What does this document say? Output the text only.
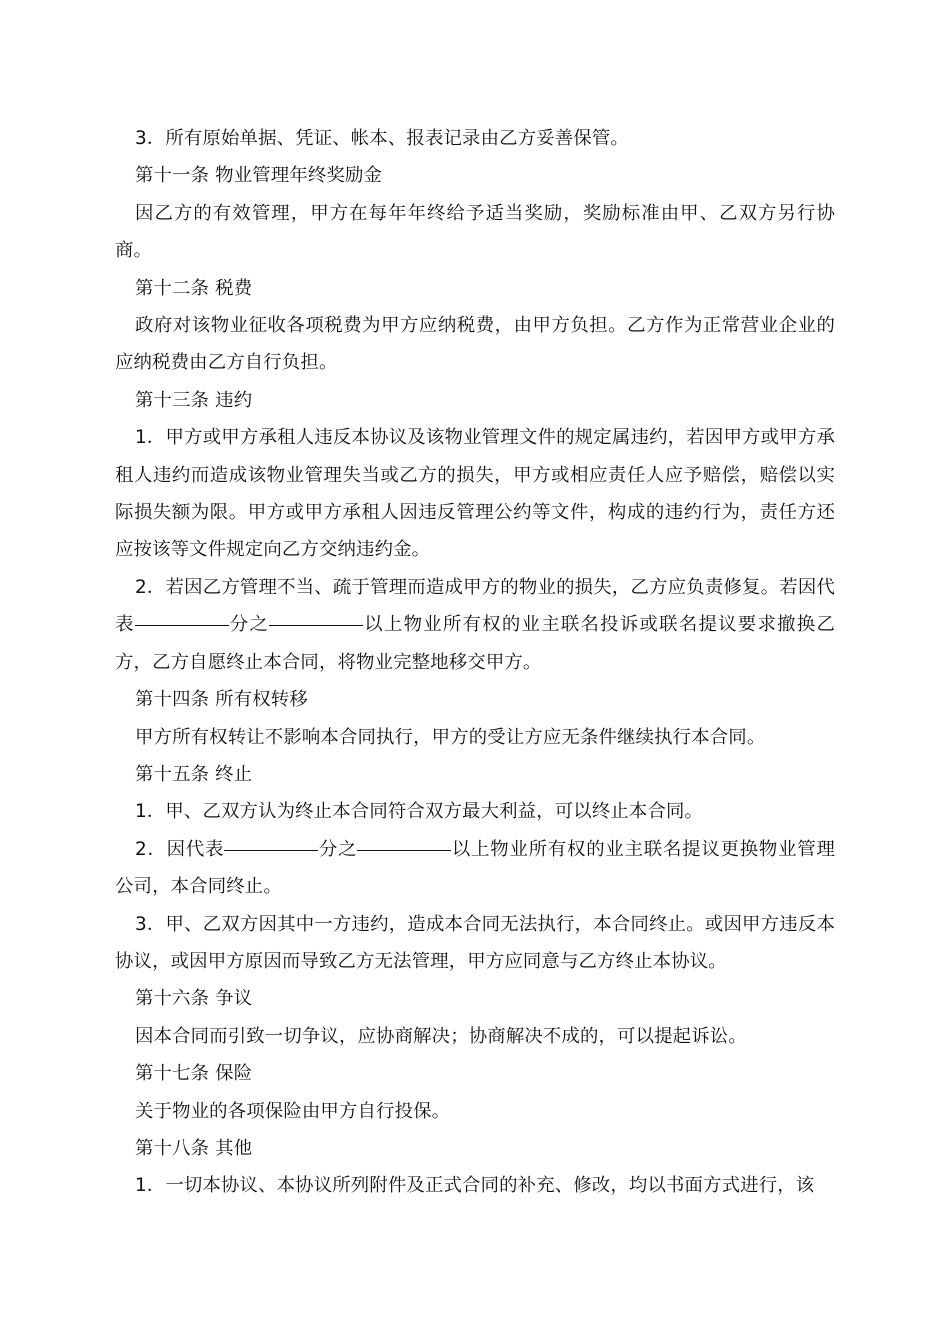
3．所有原始单据、凭证、帐本、报表记录由乙方妥善保管。

第十一条 物业管理年终奖励金

因乙方的有效管理，甲方在每年年终给予适当奖励，奖励标准由甲、乙双方另行协商。

第十二条 税费

政府对该物业征收各项税费为甲方应纳税费，由甲方负担。乙方作为正常营业企业的应纳税费由乙方自行负担。

第十三条 违约

1．甲方或甲方承租人违反本协议及该物业管理文件的规定属违约，若因甲方或甲方承租人违约而造成该物业管理失当或乙方的损失，甲方或相应责任人应予赔偿，赔偿以实际损失额为限。甲方或甲方承租人因违反管理公约等文件，构成的违约行为，责任方还应按该等文件规定向乙方交纳违约金。

2．若因乙方管理不当、疏于管理而造成甲方的物业的损失，乙方应负责修复。若因代表	分之	以上物业所有权的业主联名投诉或联名提议要求撤换乙方，乙方自愿终止本合同，将物业完整地移交甲方。

第十四条 所有权转移

甲方所有权转让不影响本合同执行，甲方的受让方应无条件继续执行本合同。

第十五条 终止

1．甲、乙双方认为终止本合同符合双方最大利益，可以终止本合同。

2．因代表	分之	以上物业所有权的业主联名提议更换物业管理公司，本合同终止。

3．甲、乙双方因其中一方违约，造成本合同无法执行，本合同终止。或因甲方违反本协议，或因甲方原因而导致乙方无法管理，甲方应同意与乙方终止本协议。

第十六条 争议

因本合同而引致一切争议，应协商解决；协商解决不成的，可以提起诉讼。

第十七条 保险

关于物业的各项保险由甲方自行投保。

第十八条 其他

1．一切本协议、本协议所列附件及正式合同的补充、修改，均以书面方式进行，该
